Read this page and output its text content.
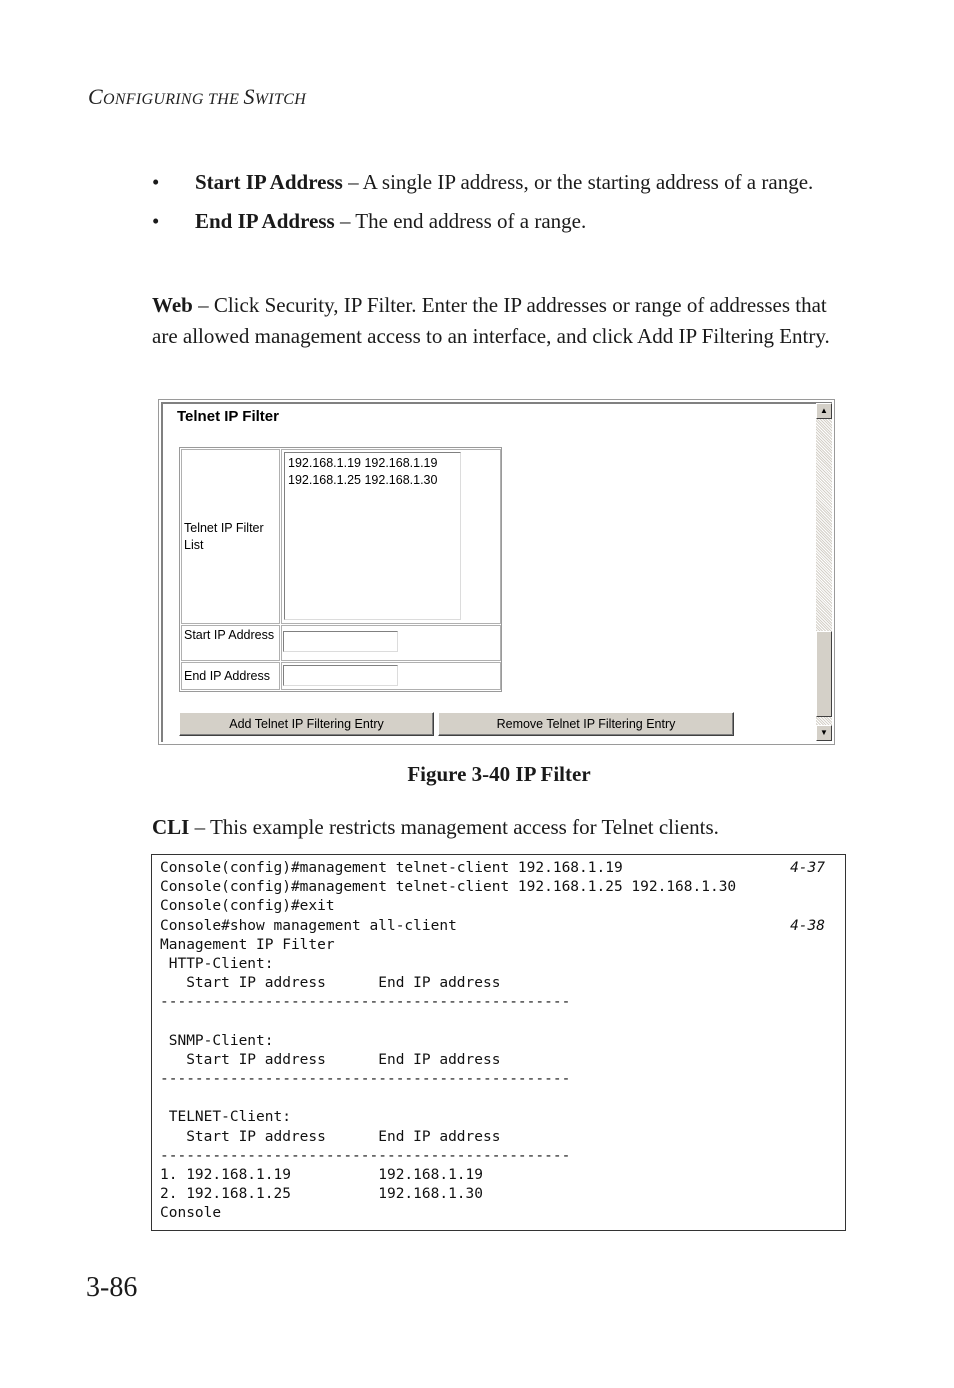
CONFIGURING THE SWITCH
• Start IP Address – A single IP address, or the starting address of a range.
• End IP Address – The end address of a range.
Web – Click Security, IP Filter. Enter the IP addresses or range of addresses that are allowed management access to an interface, and click Add IP Filtering Entry.
Telnet IP Filter
Telnet IP Filter List
192.168.1.19 192.168.1.19
192.168.1.25 192.168.1.30
Start IP Address
End IP Address
Add Telnet IP Filtering Entry	Remove Telnet IP Filtering Entry
▲
▼
Figure 3-40 IP Filter
CLI – This example restricts management access for Telnet clients.
Console(config)#management telnet-client 192.168.1.19	4-37
Console(config)#management telnet-client 192.168.1.25 192.168.1.30
Console(config)#exit
Console#show management all-client	4-38
Management IP Filter
HTTP-Client:
Start IP address      End IP address
-----------------------------------------------
SNMP-Client:
Start IP address      End IP address
-----------------------------------------------
TELNET-Client:
Start IP address      End IP address
-----------------------------------------------
1. 192.168.1.19          192.168.1.19
2. 192.168.1.25          192.168.1.30
Console
3-86
